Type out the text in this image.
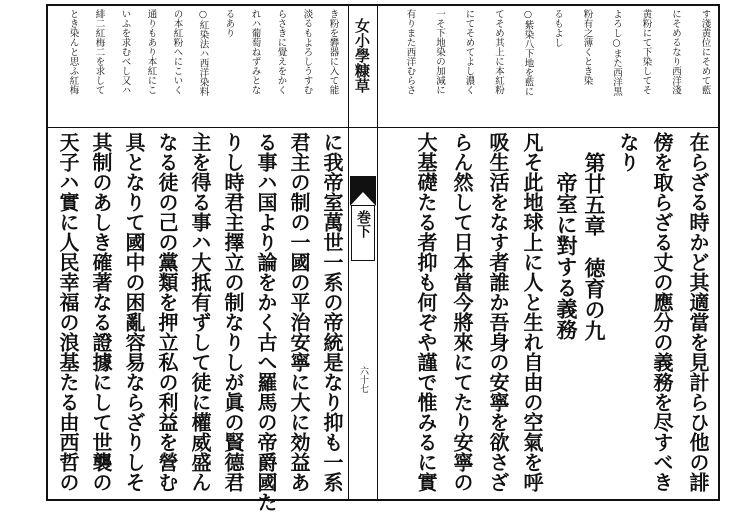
女小學糠草
巻下
六十七
す淺黄位にそめて藍
にそめるなり西洋淺
黄粉にて下染してそ
よろし○また西洋黒
粉有之薄くとき染
るもよし
○紫染八下地を藍に
てそめ其上に本紅粉
にてそめてよし濃く
一そ下地染の加減に
有りまた西洋むらさ
き粉を礬器に入て能
淡るもよろしうすむ
らさきに覺えをかく
れハ葡萄ねずみとな
るあり
○紅染法ハ西洋染料
の本紅粉へにこいく
通りもあり本紅にこ
いふを求むべし又ハ
緋二紅梅二を求して
とき染んと思ふ紅梅
在らざる時かど其適當を見計らひ他の誹
傍を取らざる丈の應分の義務を尽すべき
なり
第廿五章　徳育の九
帝室に對する義務
凡そ此地球上に人と生れ自由の空氣を呼
吸生活をなす者誰か吾身の安寧を欲さざ
らん然して日本當今將來にてたり安寧の
大基礎たる者抑も何ぞや謹で惟みるに實
に我帝室萬世一系の帝統是なり抑も一系
君主の制の一國の平治安寧に大に効益あ
る事ハ国より論をかく古へ羅馬の帝爵國た
りし時君主擇立の制なりしが眞の賢德君
主を得る事ハ大抵有ずして徒に權威盛ん
なる徒の己の黨類を押立私の利益を營む
具となりて國中の困亂容易ならざりしそ
其制のあしき確著なる證據にして世襲の
天子ハ實に人民幸福の浪基たる由西哲の
